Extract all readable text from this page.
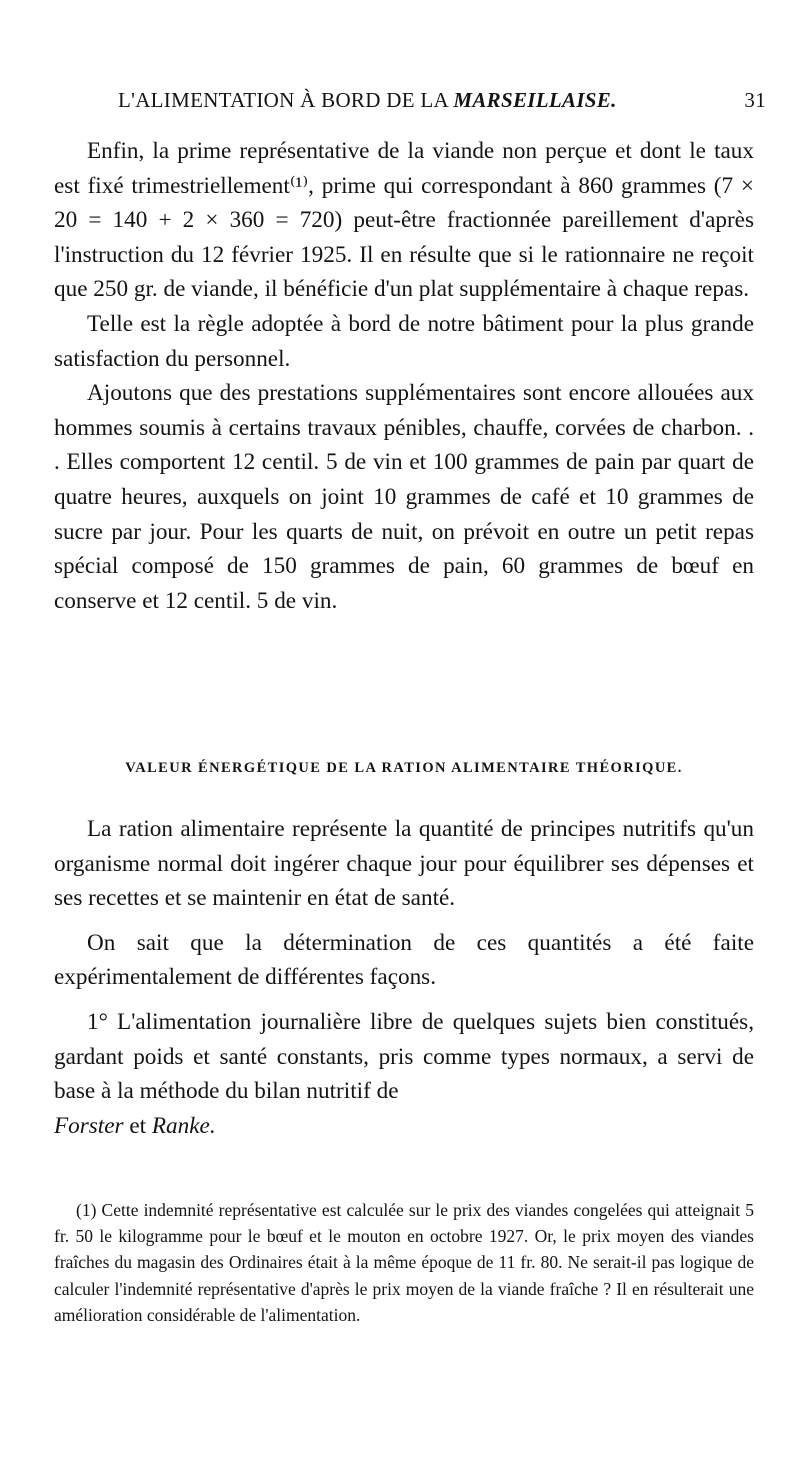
L'ALIMENTATION À BORD DE LA MARSEILLAISE.	31

Enfin, la prime représentative de la viande non perçue et dont le taux est fixé trimestriellement⁽¹⁾, prime qui correspondant à 860 grammes (7 × 20 = 140 + 2 × 360 = 720) peut-être fractionnée pareillement d'après l'instruction du 12 février 1925. Il en résulte que si le rationnaire ne reçoit que 250 gr. de viande, il bénéficie d'un plat supplémentaire à chaque repas.

Telle est la règle adoptée à bord de notre bâtiment pour la plus grande satisfaction du personnel.

Ajoutons que des prestations supplémentaires sont encore allouées aux hommes soumis à certains travaux pénibles, chauffe, corvées de charbon. . . Elles comportent 12 centil. 5 de vin et 100 grammes de pain par quart de quatre heures, auxquels on joint 10 grammes de café et 10 grammes de sucre par jour. Pour les quarts de nuit, on prévoit en outre un petit repas spécial composé de 150 grammes de pain, 60 grammes de bœuf en conserve et 12 centil. 5 de vin.

VALEUR ÉNERGÉTIQUE DE LA RATION ALIMENTAIRE THÉORIQUE.

La ration alimentaire représente la quantité de principes nutritifs qu'un organisme normal doit ingérer chaque jour pour équilibrer ses dépenses et ses recettes et se maintenir en état de santé.

On sait que la détermination de ces quantités a été faite expérimentalement de différentes façons.

1° L'alimentation journalière libre de quelques sujets bien constitués, gardant poids et santé constants, pris comme types normaux, a servi de base à la méthode du bilan nutritif de
Forster et Ranke.

(1) Cette indemnité représentative est calculée sur le prix des viandes congelées qui atteignait 5 fr. 50 le kilogramme pour le bœuf et le mouton en octobre 1927. Or, le prix moyen des viandes fraîches du magasin des Ordinaires était à la même époque de 11 fr. 80. Ne serait-il pas logique de calculer l'indemnité représentative d'après le prix moyen de la viande fraîche ? Il en résulterait une amélioration considérable de l'alimentation.
